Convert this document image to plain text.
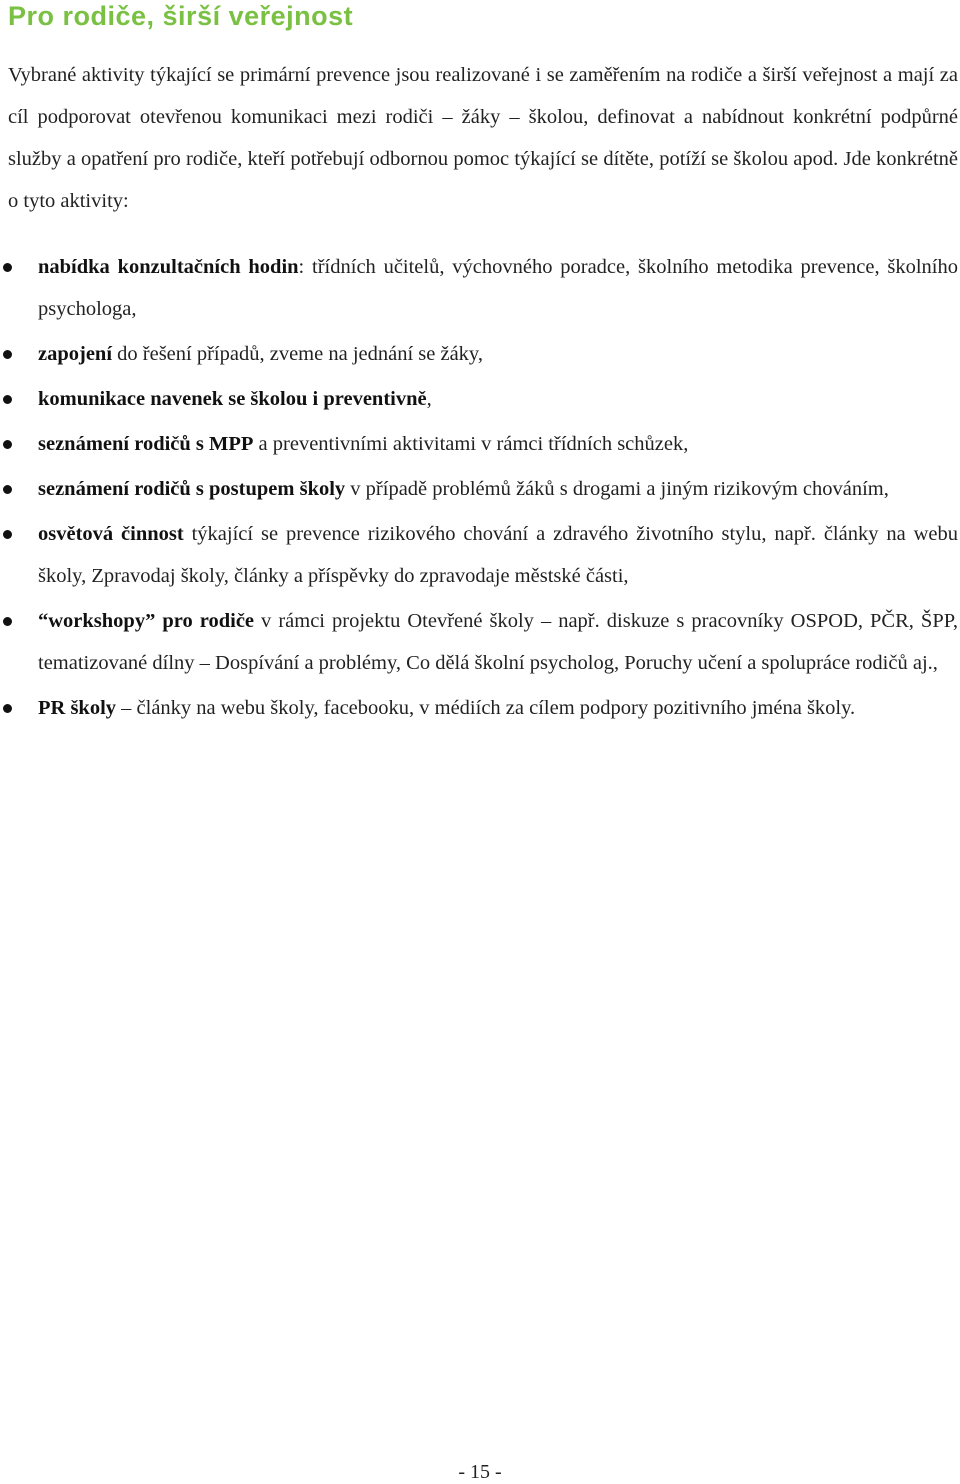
Pro rodiče, širší veřejnost

Vybrané aktivity týkající se primární prevence jsou realizované i se zaměřením na rodiče a širší veřejnost a mají za cíl podporovat otevřenou komunikaci mezi rodiči – žáky – školou, definovat a nabídnout konkrétní podpůrné služby a opatření pro rodiče, kteří potřebují odbornou pomoc týkající se dítěte, potíží se školou apod. Jde konkrétně o tyto aktivity:

nabídka konzultačních hodin: třídních učitelů, výchovného poradce, školního metodika prevence, školního psychologa,
zapojení do řešení případů, zveme na jednání se žáky,
komunikace navenek se školou i preventivně,
seznámení rodičů s MPP a preventivními aktivitami v rámci třídních schůzek,
seznámení rodičů s postupem školy v případě problémů žáků s drogami a jiným rizikovým chováním,
osvětová činnost týkající se prevence rizikového chování a zdravého životního stylu, např. články na webu školy, Zpravodaj školy, články a příspěvky do zpravodaje městské části,
“workshopy” pro rodiče v rámci projektu Otevřené školy – např. diskuze s pracovníky OSPOD, PČR, ŠPP, tematizované dílny – Dospívání a problémy, Co dělá školní psycholog, Poruchy učení a spolupráce rodičů aj.,
PR školy – články na webu školy, facebooku, v médiích za cílem podpory pozitivního jména školy.
- 15 -
